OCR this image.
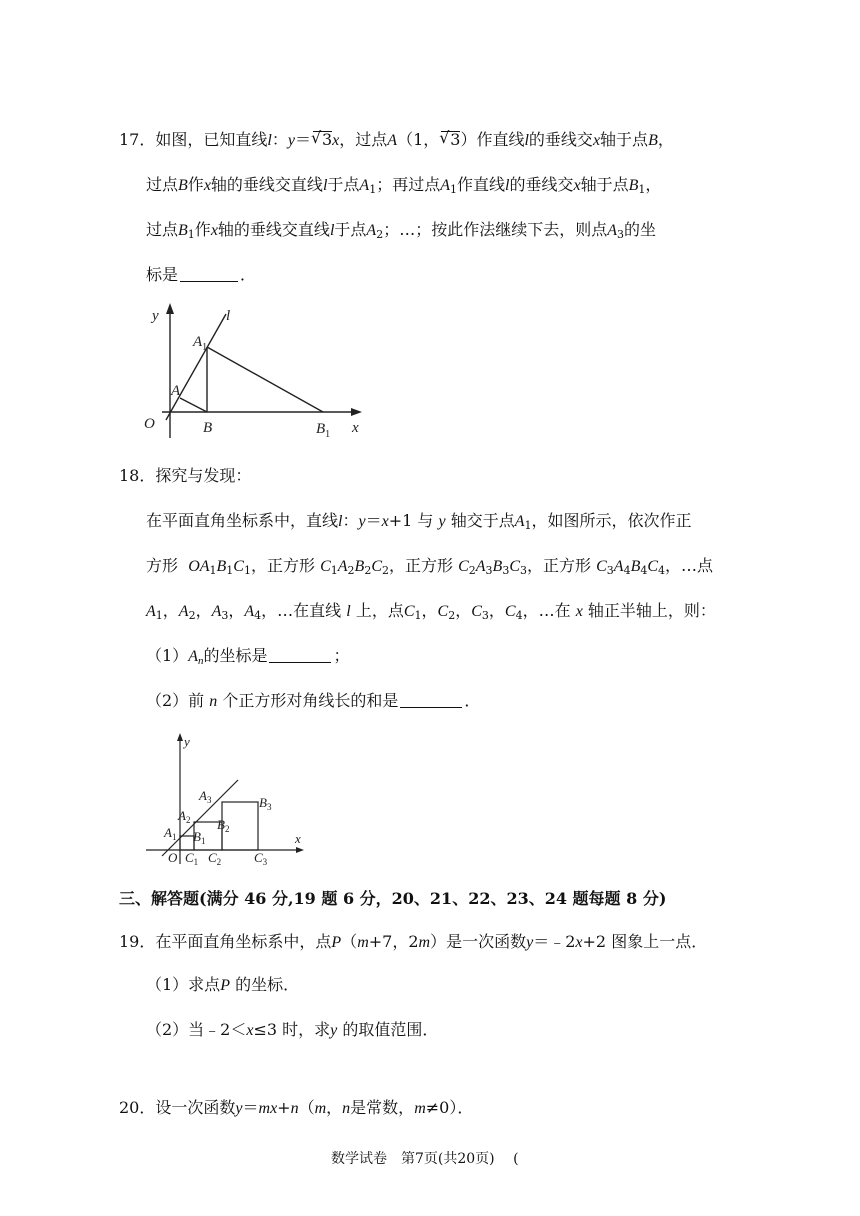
17．如图，已知直线l：y＝ √ 3x，过点A（1， √ 3）作直线l的垂线交x轴于点B，
过点B作x轴的垂线交直线l于点$A_1$；再过点$A_1$作直线l的垂线交x轴于点$B_1$，
过点$B_1$作x轴的垂线交直线l于点$A_2$；…；按此作法继续下去，则点$A_3$的坐
标是	．
y	l
$A_1$
A
O	B	$B_1$ x
18．探究与发现：
在平面直角坐标系中，直线l：y＝x+1 与 y 轴交于点$A_1$，如图所示，依次作正
方形 $OA_1B_1C_1$，正方形 $C_1A_2B_2C_2$，正方形 $C_2A_3B_3C_3$，正方形 $C_3A_4B_4C_4$，…点
$A_1$，$A_2$，$A_3$，$A_4$，…在直线 l 上，点$C_1$，$C_2$，$C_3$，$C_4$，…在 x 轴正半轴上，则：
$(1)A_n$的坐标是	；
（2）前 n 个正方形对角线长的和是	．
y
x
$A_1$
$A_2$
$A_3$
$B_1$
$B_2$
$B_3$
O $C_1$ $C_2$	$C_3$
三、解答题(满分 46 分,19 题 6 分，20、21、22、23、24 题每题 8 分)
19．在平面直角坐标系中，点P（m+7，2m）是一次函数y＝﹣2x+2 图象上一点．
（1）求点P 的坐标．
（2）当﹣2＜x≤3 时，求y 的取值范围．
20．设一次函数y＝mx+n（m，n是常数，m≠0）．
数学试卷　第7页(共20页)　 (
